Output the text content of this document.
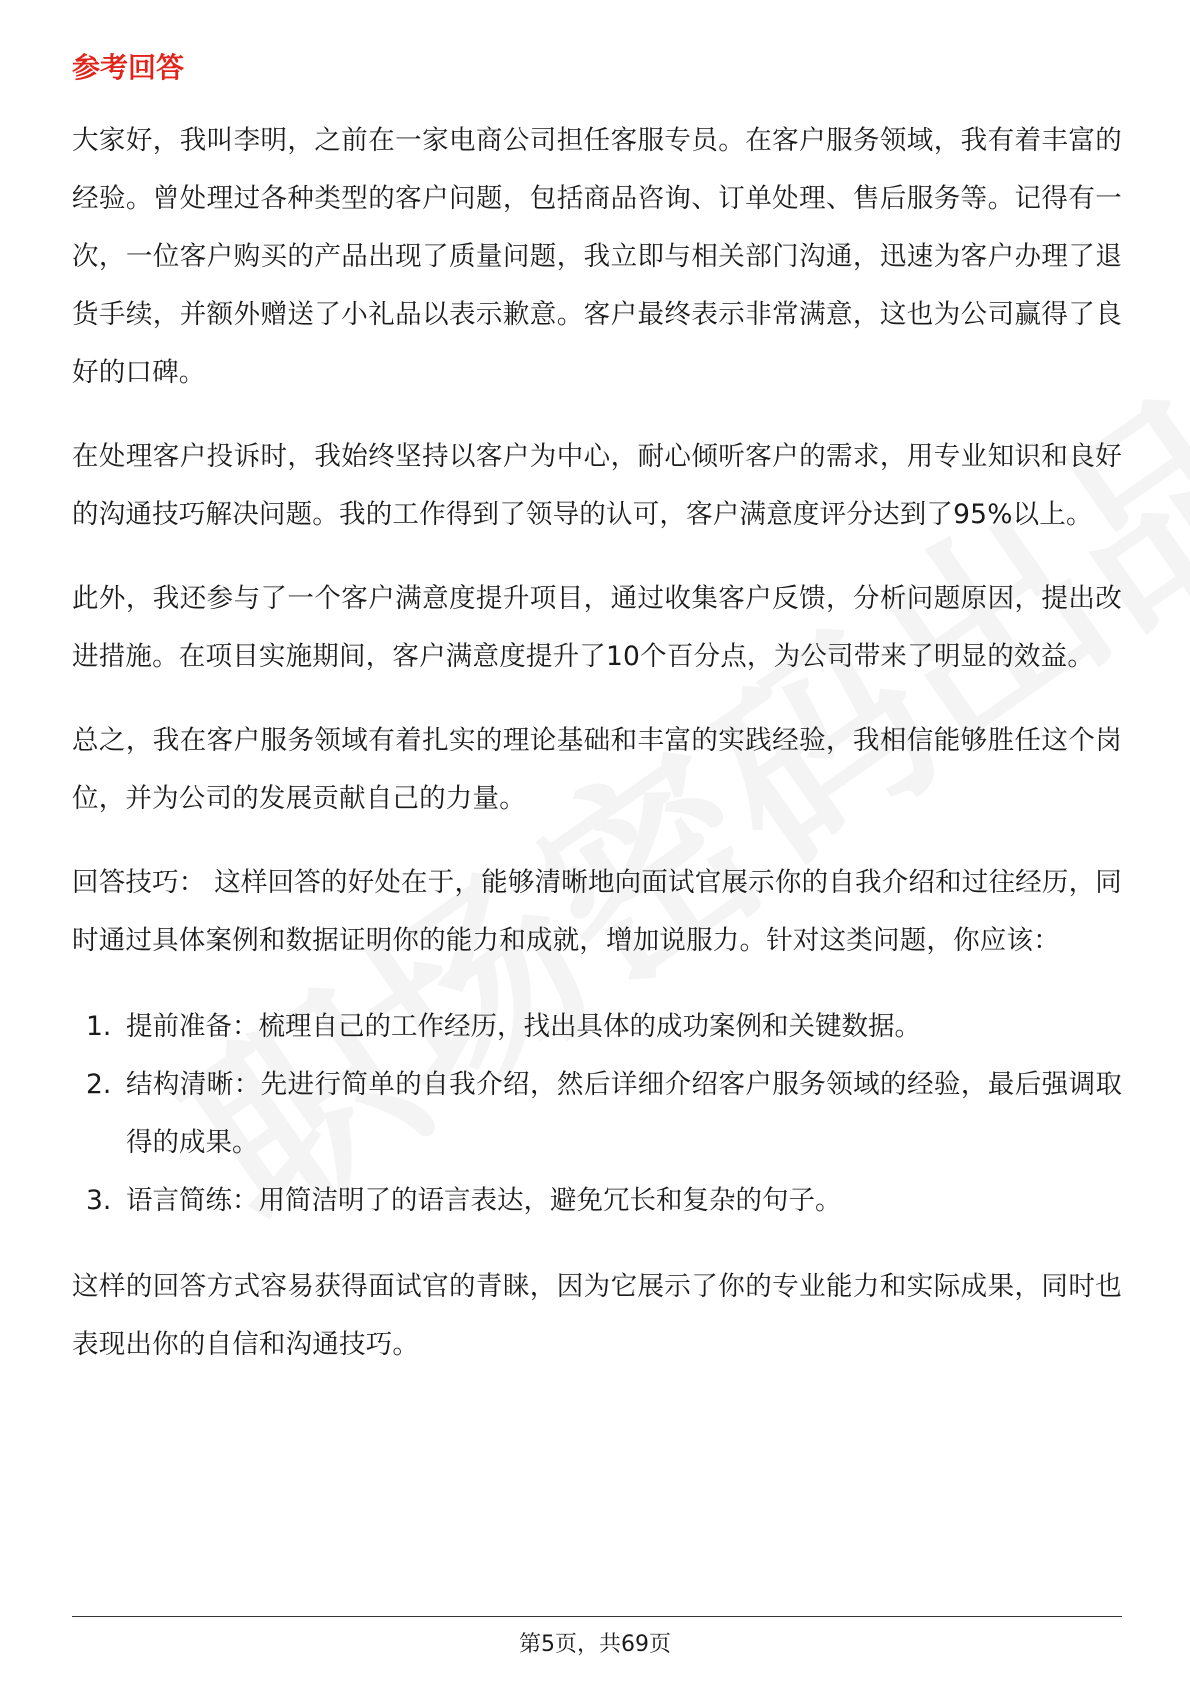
参考回答

大家好，我叫李明，之前在一家电商公司担任客服专员。在客户服务领域，我有着丰富的经验。曾处理过各种类型的客户问题，包括商品咨询、订单处理、售后服务等。记得有一次，一位客户购买的产品出现了质量问题，我立即与相关部门沟通，迅速为客户办理了退货手续，并额外赠送了小礼品以表示歉意。客户最终表示非常满意，这也为公司赢得了良好的口碑。

在处理客户投诉时，我始终坚持以客户为中心，耐心倾听客户的需求，用专业知识和良好的沟通技巧解决问题。我的工作得到了领导的认可，客户满意度评分达到了95%以上。

此外，我还参与了一个客户满意度提升项目，通过收集客户反馈，分析问题原因，提出改进措施。在项目实施期间，客户满意度提升了10个百分点，为公司带来了明显的效益。

总之，我在客户服务领域有着扎实的理论基础和丰富的实践经验，我相信能够胜任这个岗位，并为公司的发展贡献自己的力量。

回答技巧： 这样回答的好处在于，能够清晰地向面试官展示你的自我介绍和过往经历，同时通过具体案例和数据证明你的能力和成就，增加说服力。针对这类问题，你应该：

1. 提前准备：梳理自己的工作经历，找出具体的成功案例和关键数据。
2. 结构清晰：先进行简单的自我介绍，然后详细介绍客户服务领域的经验，最后强调取得的成果。
3. 语言简练：用简洁明了的语言表达，避免冗长和复杂的句子。

这样的回答方式容易获得面试官的青睐，因为它展示了你的专业能力和实际成果，同时也表现出你的自信和沟通技巧。

第5页，共69页
